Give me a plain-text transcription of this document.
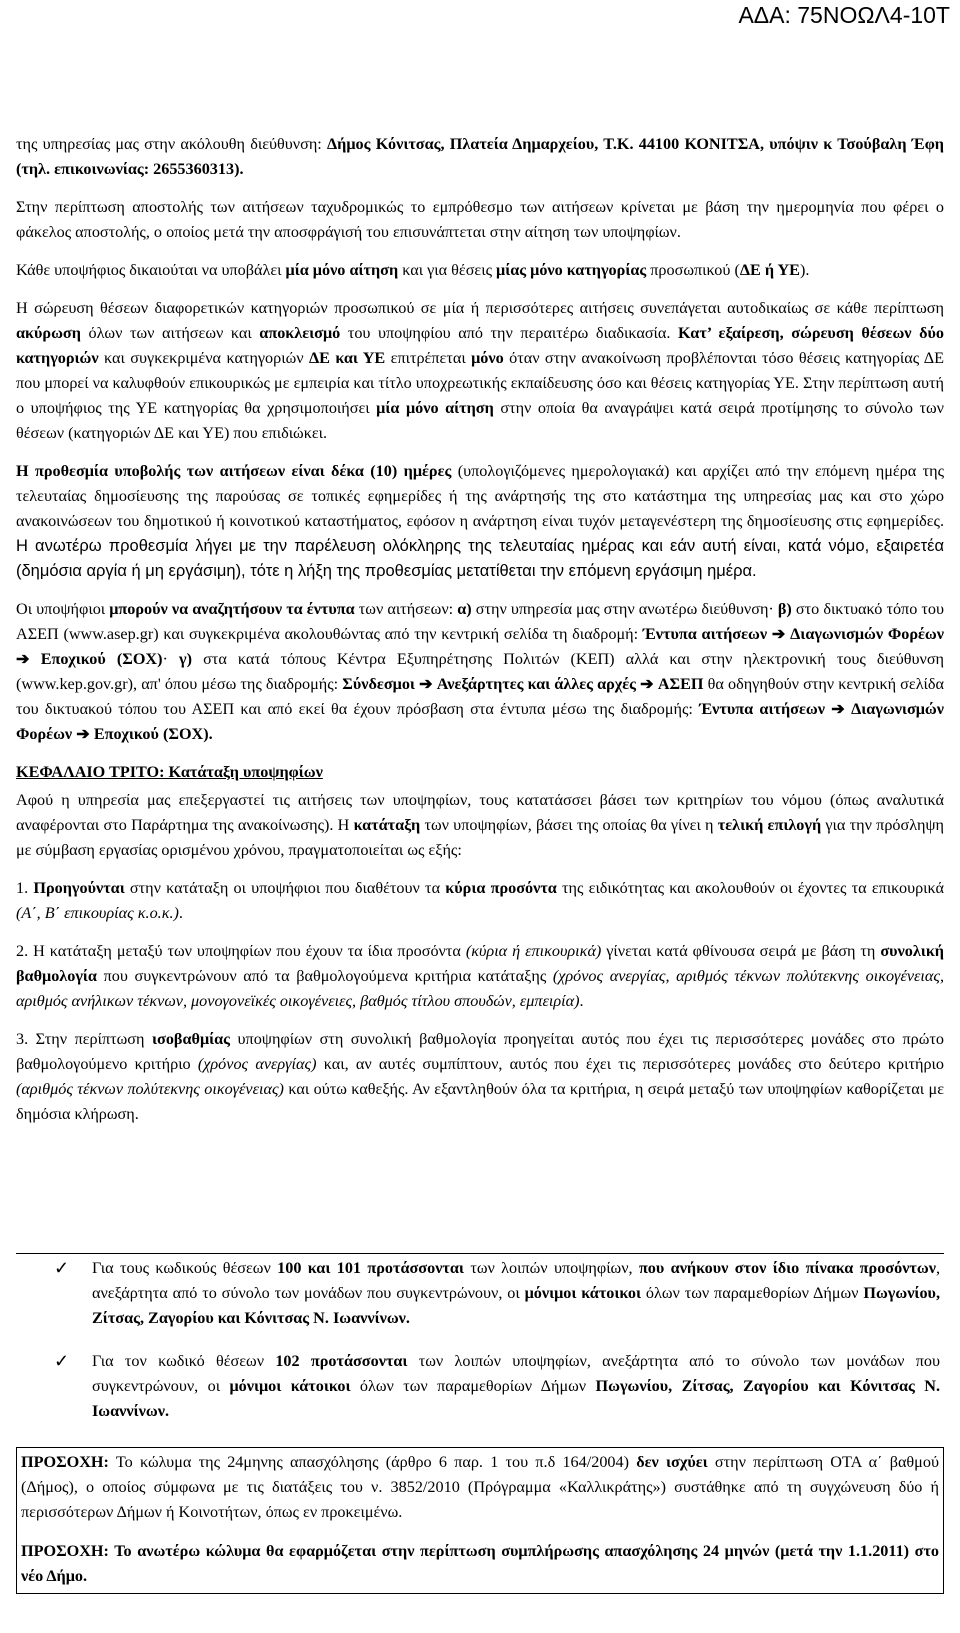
ΑΔΑ: 75ΝΟΩΛ4-10Τ

της υπηρεσίας μας στην ακόλουθη διεύθυνση: Δήμος Κόνιτσας, Πλατεία Δημαρχείου, Τ.Κ. 44100 ΚΟΝΙΤΣΑ, υπόψιν κ Τσούβαλη Έφη (τηλ. επικοινωνίας: 2655360313).

Στην περίπτωση αποστολής των αιτήσεων ταχυδρομικώς το εμπρόθεσμο των αιτήσεων κρίνεται με βάση την ημερομηνία που φέρει ο φάκελος αποστολής, ο οποίος μετά την αποσφράγισή του επισυνάπτεται στην αίτηση των υποψηφίων.

Κάθε υποψήφιος δικαιούται να υποβάλει μία μόνο αίτηση και για θέσεις μίας μόνο κατηγορίας προσωπικού (ΔΕ ή ΥΕ).

Η σώρευση θέσεων διαφορετικών κατηγοριών προσωπικού σε μία ή περισσότερες αιτήσεις συνεπάγεται αυτοδικαίως σε κάθε περίπτωση ακύρωση όλων των αιτήσεων και αποκλεισμό του υποψηφίου από την περαιτέρω διαδικασία. Κατ’ εξαίρεση, σώρευση θέσεων δύο κατηγοριών και συγκεκριμένα κατηγοριών ΔΕ και ΥΕ επιτρέπεται μόνο όταν στην ανακοίνωση προβλέπονται τόσο θέσεις κατηγορίας ΔΕ που μπορεί να καλυφθούν επικουρικώς με εμπειρία και τίτλο υποχρεωτικής εκπαίδευσης όσο και θέσεις κατηγορίας ΥΕ. Στην περίπτωση αυτή ο υποψήφιος της ΥΕ κατηγορίας θα χρησιμοποιήσει μία μόνο αίτηση στην οποία θα αναγράψει κατά σειρά προτίμησης το σύνολο των θέσεων (κατηγοριών ΔΕ και ΥΕ) που επιδιώκει.

Η προθεσμία υποβολής των αιτήσεων είναι δέκα (10) ημέρες (υπολογιζόμενες ημερολογιακά) και αρχίζει από την επόμενη ημέρα της τελευταίας δημοσίευσης της παρούσας σε τοπικές εφημερίδες ή της ανάρτησής της στο κατάστημα της υπηρεσίας μας και στο χώρο ανακοινώσεων του δημοτικού ή κοινοτικού καταστήματος, εφόσον η ανάρτηση είναι τυχόν μεταγενέστερη της δημοσίευσης στις εφημερίδες. Η ανωτέρω προθεσμία λήγει με την παρέλευση ολόκληρης της τελευταίας ημέρας και εάν αυτή είναι, κατά νόμο, εξαιρετέα (δημόσια αργία ή μη εργάσιμη), τότε η λήξη της προθεσμίας μετατίθεται την επόμενη εργάσιμη ημέρα.

Οι υποψήφιοι μπορούν να αναζητήσουν τα έντυπα των αιτήσεων: α) στην υπηρεσία μας στην ανωτέρω διεύθυνση· β) στο δικτυακό τόπο του ΑΣΕΠ (www.asep.gr) και συγκεκριμένα ακολουθώντας από την κεντρική σελίδα τη διαδρομή: Έντυπα αιτήσεων ➔ Διαγωνισμών Φορέων ➔ Εποχικού (ΣΟΧ)· γ) στα κατά τόπους Κέντρα Εξυπηρέτησης Πολιτών (ΚΕΠ) αλλά και στην ηλεκτρονική τους διεύθυνση (www.kep.gov.gr), απ' όπου μέσω της διαδρομής: Σύνδεσμοι ➔ Ανεξάρτητες και άλλες αρχές ➔ ΑΣΕΠ θα οδηγηθούν στην κεντρική σελίδα του δικτυακού τόπου του ΑΣΕΠ και από εκεί θα έχουν πρόσβαση στα έντυπα μέσω της διαδρομής: Έντυπα αιτήσεων ➔ Διαγωνισμών Φορέων ➔ Εποχικού (ΣΟΧ).

ΚΕΦΑΛΑΙΟ ΤΡΙΤΟ: Κατάταξη υποψηφίων

Αφού η υπηρεσία μας επεξεργαστεί τις αιτήσεις των υποψηφίων, τους κατατάσσει βάσει των κριτηρίων του νόμου (όπως αναλυτικά αναφέρονται στο Παράρτημα της ανακοίνωσης). Η κατάταξη των υποψηφίων, βάσει της οποίας θα γίνει η τελική επιλογή για την πρόσληψη με σύμβαση εργασίας ορισμένου χρόνου, πραγματοποιείται ως εξής:

1. Προηγούνται στην κατάταξη οι υποψήφιοι που διαθέτουν τα κύρια προσόντα της ειδικότητας και ακολουθούν οι έχοντες τα επικουρικά (Α΄, Β΄ επικουρίας κ.ο.κ.).

2. Η κατάταξη μεταξύ των υποψηφίων που έχουν τα ίδια προσόντα (κύρια ή επικουρικά) γίνεται κατά φθίνουσα σειρά με βάση τη συνολική βαθμολογία που συγκεντρώνουν από τα βαθμολογούμενα κριτήρια κατάταξης (χρόνος ανεργίας, αριθμός τέκνων πολύτεκνης οικογένειας, αριθμός ανήλικων τέκνων, μονογονεϊκές οικογένειες, βαθμός τίτλου σπουδών, εμπειρία).

3. Στην περίπτωση ισοβαθμίας υποψηφίων στη συνολική βαθμολογία προηγείται αυτός που έχει τις περισσότερες μονάδες στο πρώτο βαθμολογούμενο κριτήριο (χρόνος ανεργίας) και, αν αυτές συμπίπτουν, αυτός που έχει τις περισσότερες μονάδες στο δεύτερο κριτήριο (αριθμός τέκνων πολύτεκνης οικογένειας) και ούτω καθεξής. Αν εξαντληθούν όλα τα κριτήρια, η σειρά μεταξύ των υποψηφίων καθορίζεται με δημόσια κλήρωση.

✓ Για τους κωδικούς θέσεων 100 και 101 προτάσσονται των λοιπών υποψηφίων, που ανήκουν στον ίδιο πίνακα προσόντων, ανεξάρτητα από το σύνολο των μονάδων που συγκεντρώνουν, οι μόνιμοι κάτοικοι όλων των παραμεθορίων Δήμων Πωγωνίου, Ζίτσας, Ζαγορίου και Κόνιτσας Ν. Ιωαννίνων.
✓ Για τον κωδικό θέσεων 102 προτάσσονται των λοιπών υποψηφίων, ανεξάρτητα από το σύνολο των μονάδων που συγκεντρώνουν, οι μόνιμοι κάτοικοι όλων των παραμεθορίων Δήμων Πωγωνίου, Ζίτσας, Ζαγορίου και Κόνιτσας Ν. Ιωαννίνων.

ΠΡΟΣΟΧΗ: Το κώλυμα της 24μηνης απασχόλησης (άρθρο 6 παρ. 1 του π.δ 164/2004) δεν ισχύει στην περίπτωση ΟΤΑ α΄ βαθμού (Δήμος), ο οποίος σύμφωνα με τις διατάξεις του ν. 3852/2010 (Πρόγραμμα «Καλλικράτης») συστάθηκε από τη συγχώνευση δύο ή περισσότερων Δήμων ή Κοινοτήτων, όπως εν προκειμένω.

ΠΡΟΣΟΧΗ: Το ανωτέρω κώλυμα θα εφαρμόζεται στην περίπτωση συμπλήρωσης απασχόλησης 24 μηνών (μετά την 1.1.2011) στο νέο Δήμο.
